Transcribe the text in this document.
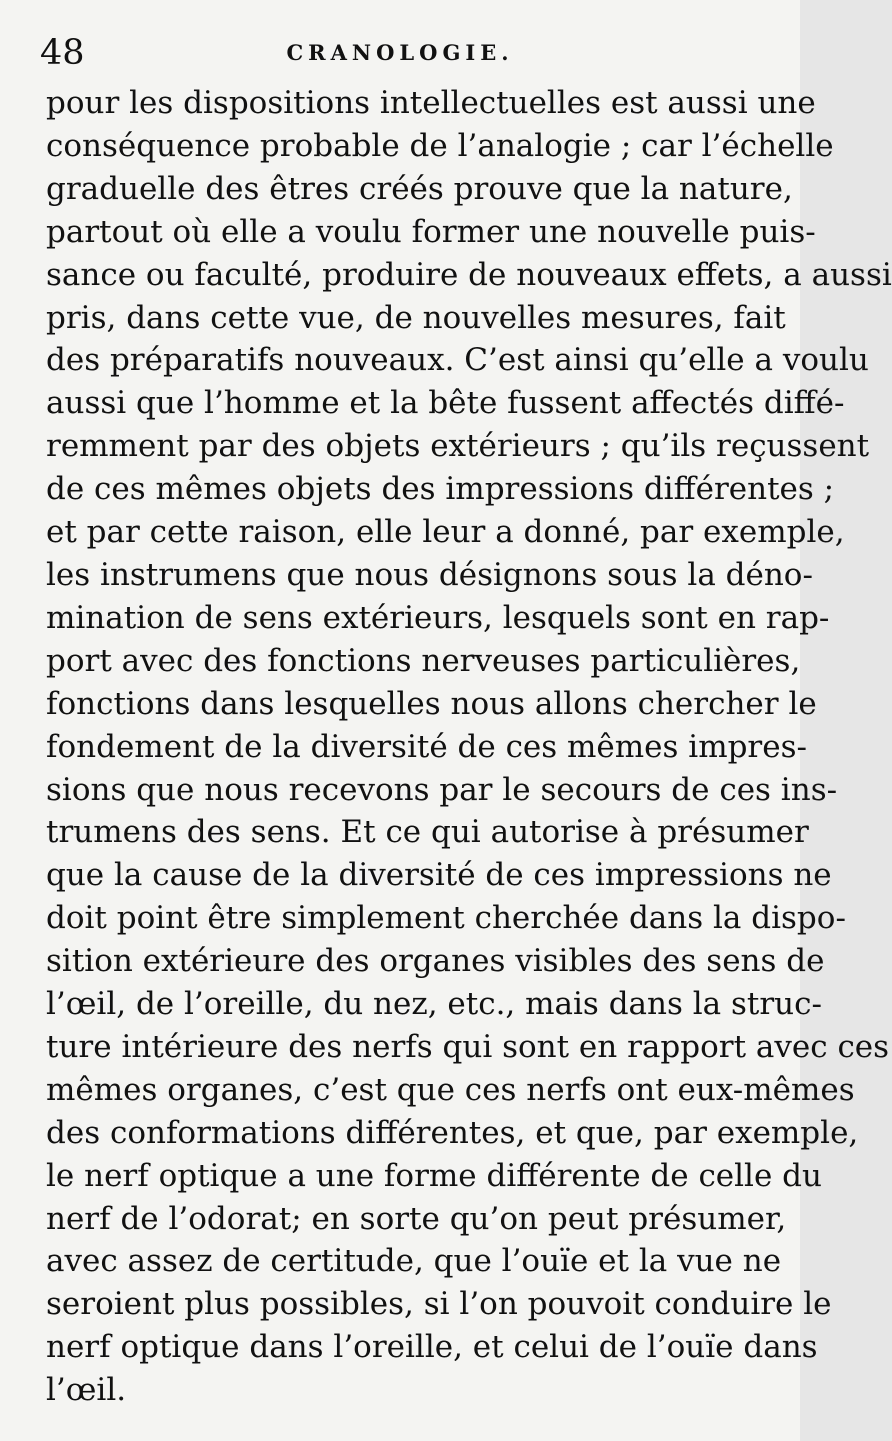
48	CRANOLOGIE.
pour les dispositions intellectuelles est aussi une
conséquence probable de l’analogie ; car l’échelle
graduelle des êtres créés prouve que la nature,
partout où elle a voulu former une nouvelle puis-
sance ou faculté, produire de nouveaux effets, a aussi
pris, dans cette vue, de nouvelles mesures, fait
des préparatifs nouveaux. C’est ainsi qu’elle a voulu
aussi que l’homme et la bête fussent affectés diffé-
remment par des objets extérieurs ; qu’ils reçussent
de ces mêmes objets des impressions différentes ;
et par cette raison, elle leur a donné, par exemple,
les instrumens que nous désignons sous la déno-
mination de sens extérieurs, lesquels sont en rap-
port avec des fonctions nerveuses particulières,
fonctions dans lesquelles nous allons chercher le
fondement de la diversité de ces mêmes impres-
sions que nous recevons par le secours de ces ins-
trumens des sens. Et ce qui autorise à présumer
que la cause de la diversité de ces impressions ne
doit point être simplement cherchée dans la dispo-
sition extérieure des organes visibles des sens de
l’œil, de l’oreille, du nez, etc., mais dans la struc-
ture intérieure des nerfs qui sont en rapport avec ces
mêmes organes, c’est que ces nerfs ont eux-mêmes
des conformations différentes, et que, par exemple,
le nerf optique a une forme différente de celle du
nerf de l’odorat; en sorte qu’on peut présumer,
avec assez de certitude, que l’ouïe et la vue ne
seroient plus possibles, si l’on pouvoit conduire le
nerf optique dans l’oreille, et celui de l’ouïe dans
l’œil.
